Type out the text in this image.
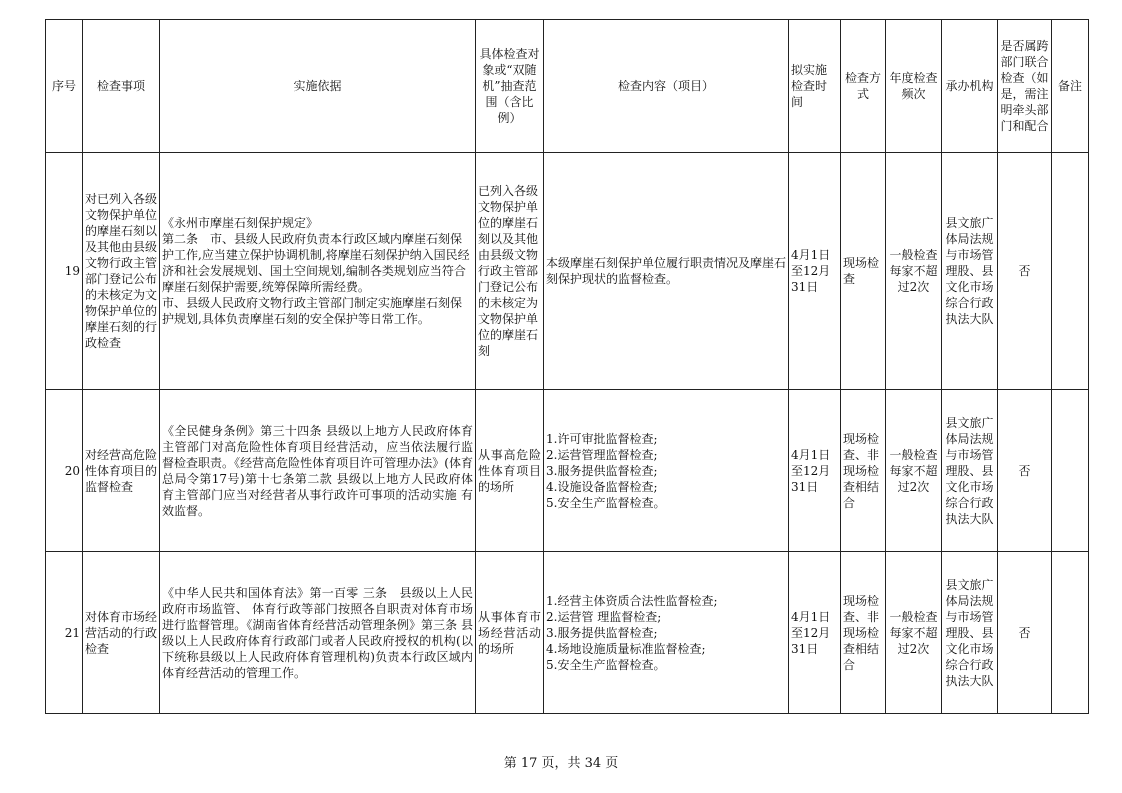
序号	检查事项	实施依据	具体检查对象或“双随机”抽查范围（含比例）	检查内容（项目）	拟实施检查时间	检查方式	年度检查频次	承办机构	是否属跨部门联合检查（如是，需注明牵头部门和配合	备注
19	对已列入各级文物保护单位的摩崖石刻以及其他由县级文物行政主管部门登记公布的未核定为文物保护单位的摩崖石刻的行政检查	《永州市摩崖石刻保护规定》
第二条　市、县级人民政府负责本行政区域内摩崖石刻保护工作,应当建立保护协调机制,将摩崖石刻保护纳入国民经济和社会发展规划、国土空间规划,编制各类规划应当符合摩崖石刻保护需要,统筹保障所需经费。
市、县级人民政府文物行政主管部门制定实施摩崖石刻保护规划,具体负责摩崖石刻的安全保护等日常工作。	已列入各级文物保护单位的摩崖石刻以及其他由县级文物行政主管部门登记公布的未核定为文物保护单位的摩崖石刻	本级摩崖石刻保护单位履行职责情况及摩崖石刻保护现状的监督检查。	4月1日至12月31日	现场检查	一般检查每家不超过2次	县文旅广体局法规与市场管理股、县文化市场综合行政执法大队	否	
20	对经营高危险性体育项目的监督检查	《全民健身条例》第三十四条 县级以上地方人民政府体育主管部门对高危险性体育项目经营活动，应当依法履行监督检查职责。《经营高危险性体育项目许可管理办法》(体育总局令第17号)第十七条第二款 县级以上地方人民政府体育主管部门应当对经营者从事行政许可事项的活动实施 有效监督。	从事高危险性体育项目的场所	1.许可审批监督检查;
2.运营管理监督检查;
3.服务提供监督检查;
4.设施设备监督检查;
5.安全生产监督检查。	4月1日至12月31日	现场检查、非现场检查相结合	一般检查每家不超过2次	县文旅广体局法规与市场管理股、县文化市场综合行政执法大队	否	
21	对体育市场经营活动的行政检查	《中华人民共和国体育法》第一百零 三条　县级以上人民政府市场监管、 体育行政等部门按照各自职责对体育市场进行监督管理。《湖南省体育经营活动管理条例》第三条 县级以上人民政府体育行政部门或者人民政府授权的机构(以下统称县级以上人民政府体育管理机构)负责本行政区域内体育经营活动的管理工作。	从事体育市场经营活动的场所	1.经营主体资质合法性监督检查;
2.运营管 理监督检查;
3.服务提供监督检查;
4.场地设施质量标准监督检查;
5.安全生产监督检查。	4月1日至12月31日	现场检查、非现场检查相结合	一般检查每家不超过2次	县文旅广体局法规与市场管理股、县文化市场综合行政执法大队	否	
第 17 页，共 34 页
